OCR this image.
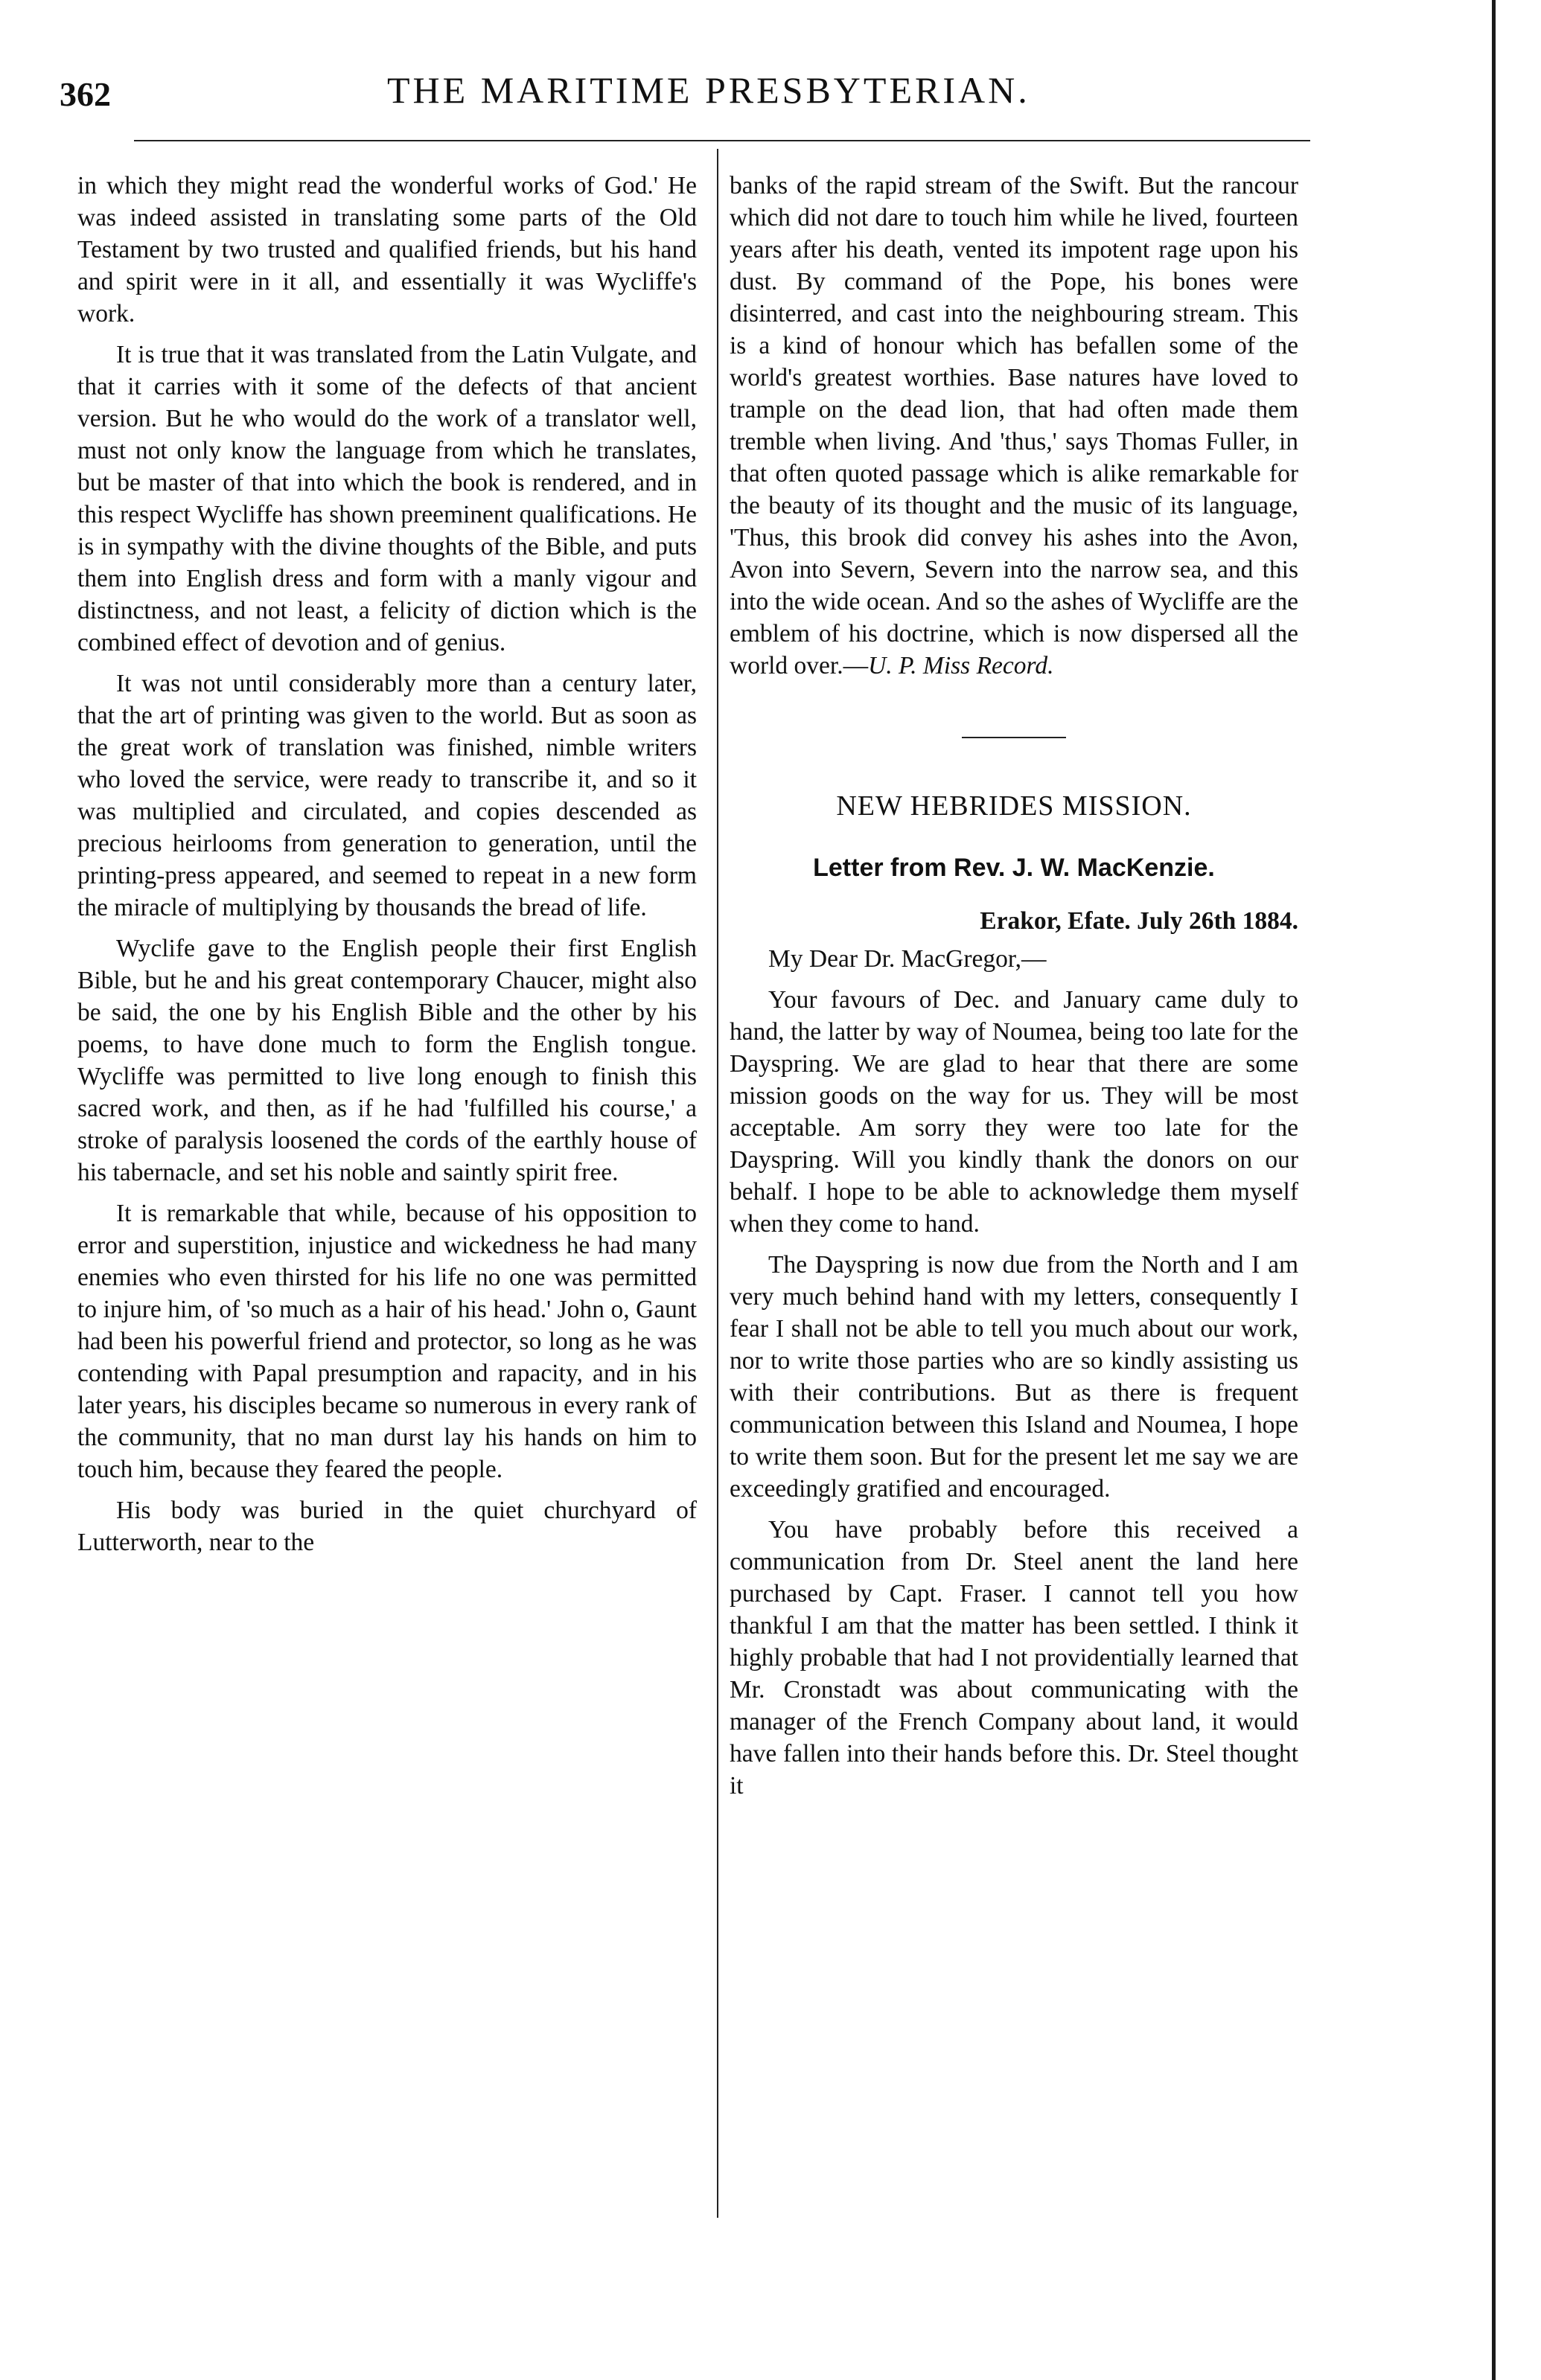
362	THE MARITIME PRESBYTERIAN.

in which they might read the wonderful works of God.' He was indeed assisted in translating some parts of the Old Testament by two trusted and qualified friends, but his hand and spirit were in it all, and essentially it was Wycliffe's work.

It is true that it was translated from the Latin Vulgate, and that it carries with it some of the defects of that ancient version. But he who would do the work of a translator well, must not only know the language from which he translates, but be master of that into which the book is rendered, and in this respect Wycliffe has shown preeminent qualifications. He is in sympathy with the divine thoughts of the Bible, and puts them into English dress and form with a manly vigour and distinctness, and not least, a felicity of diction which is the combined effect of devotion and of genius.

It was not until considerably more than a century later, that the art of printing was given to the world. But as soon as the great work of translation was finished, nimble writers who loved the service, were ready to transcribe it, and so it was multiplied and circulated, and copies descended as precious heirlooms from generation to generation, until the printing-press appeared, and seemed to repeat in a new form the miracle of multiplying by thousands the bread of life.

Wyclife gave to the English people their first English Bible, but he and his great contemporary Chaucer, might also be said, the one by his English Bible and the other by his poems, to have done much to form the English tongue. Wycliffe was permitted to live long enough to finish this sacred work, and then, as if he had 'fulfilled his course,' a stroke of paralysis loosened the cords of the earthly house of his tabernacle, and set his noble and saintly spirit free.

It is remarkable that while, because of his opposition to error and superstition, injustice and wickedness he had many enemies who even thirsted for his life no one was permitted to injure him, of 'so much as a hair of his head.' John o, Gaunt had been his powerful friend and protector, so long as he was contending with Papal presumption and rapacity, and in his later years, his disciples became so numerous in every rank of the community, that no man durst lay his hands on him to touch him, because they feared the people.

His body was buried in the quiet churchyard of Lutterworth, near to the

banks of the rapid stream of the Swift. But the rancour which did not dare to touch him while he lived, fourteen years after his death, vented its impotent rage upon his dust. By command of the Pope, his bones were disinterred, and cast into the neighbouring stream. This is a kind of honour which has befallen some of the world's greatest worthies. Base natures have loved to trample on the dead lion, that had often made them tremble when living. And 'thus,' says Thomas Fuller, in that often quoted passage which is alike remarkable for the beauty of its thought and the music of its language, 'Thus, this brook did convey his ashes into the Avon, Avon into Severn, Severn into the narrow sea, and this into the wide ocean. And so the ashes of Wycliffe are the emblem of his doctrine, which is now dispersed all the world over.—U. P. Miss Record.

NEW HEBRIDES MISSION.
Letter from Rev. J. W. MacKenzie.
Erakor, Efate. July 26th 1884.

My Dear Dr. MacGregor,—

Your favours of Dec. and January came duly to hand, the latter by way of Noumea, being too late for the Dayspring. We are glad to hear that there are some mission goods on the way for us. They will be most acceptable. Am sorry they were too late for the Dayspring. Will you kindly thank the donors on our behalf. I hope to be able to acknowledge them myself when they come to hand.

The Dayspring is now due from the North and I am very much behind hand with my letters, consequently I fear I shall not be able to tell you much about our work, nor to write those parties who are so kindly assisting us with their contributions. But as there is frequent communication between this Island and Noumea, I hope to write them soon. But for the present let me say we are exceedingly gratified and encouraged.

You have probably before this received a communication from Dr. Steel anent the land here purchased by Capt. Fraser. I cannot tell you how thankful I am that the matter has been settled. I think it highly probable that had I not providentially learned that Mr. Cronstadt was about communicating with the manager of the French Company about land, it would have fallen into their hands before this. Dr. Steel thought it
